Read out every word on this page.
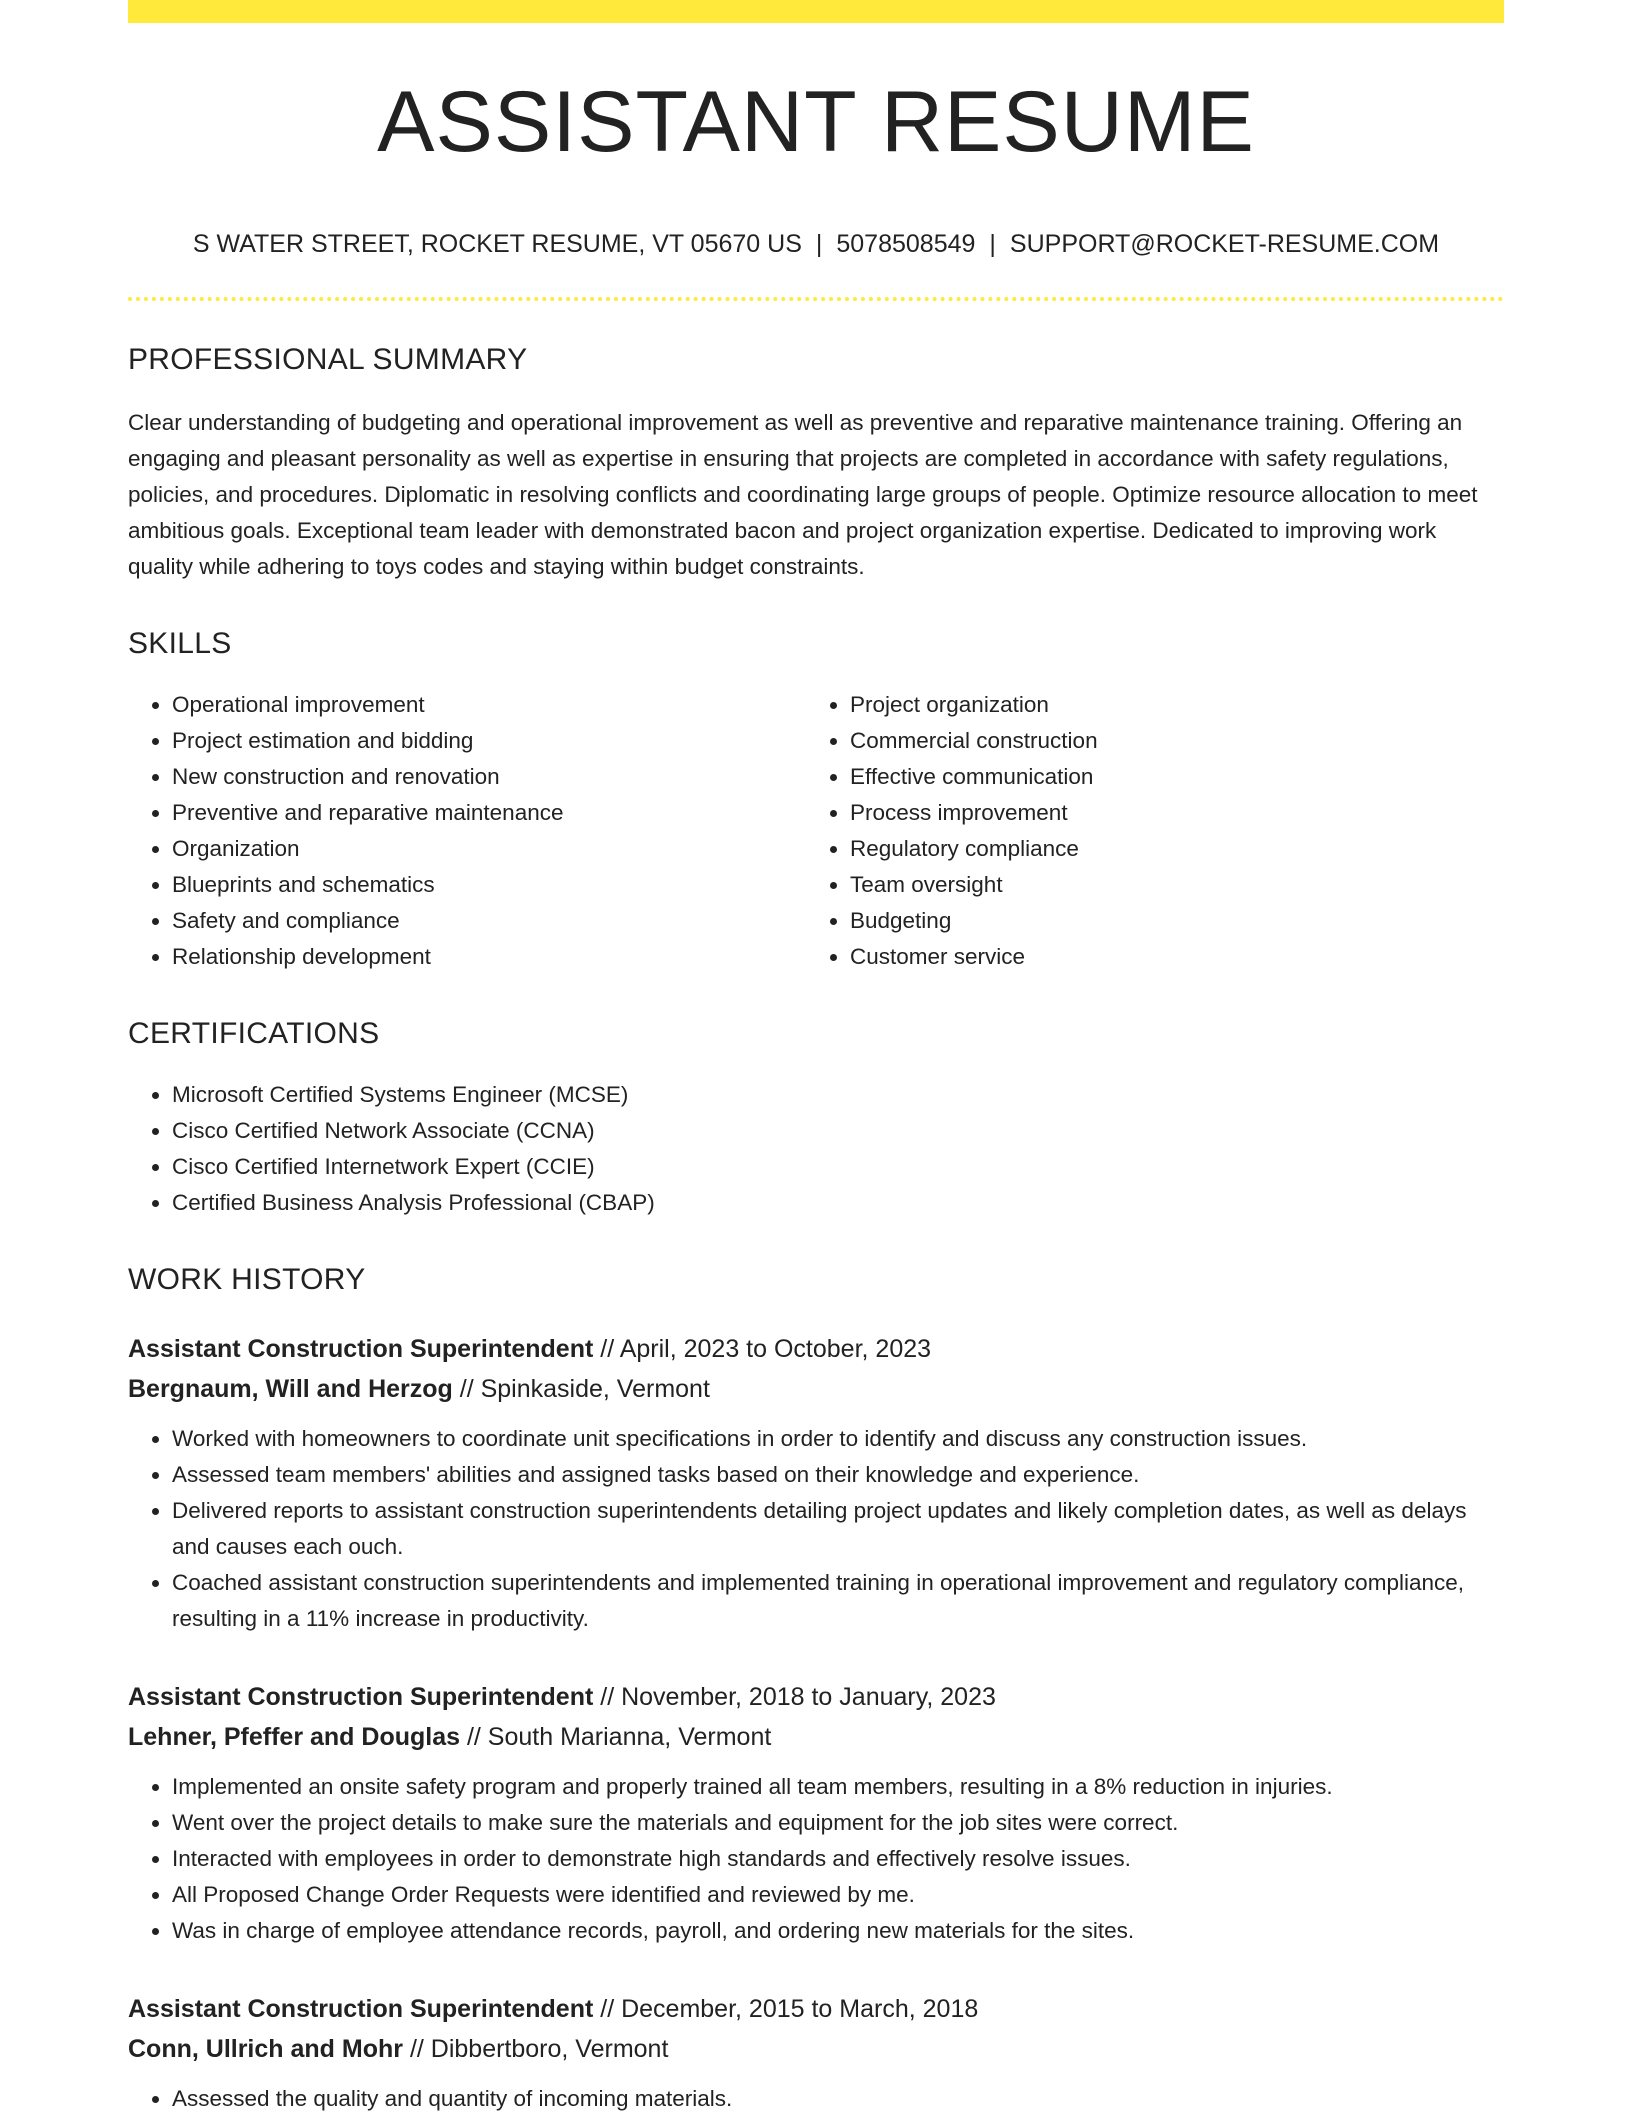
ASSISTANT RESUME
S WATER STREET, ROCKET RESUME, VT 05670 US | 5078508549 | SUPPORT@ROCKET-RESUME.COM
PROFESSIONAL SUMMARY

Clear understanding of budgeting and operational improvement as well as preventive and reparative maintenance training. Offering an engaging and pleasant personality as well as expertise in ensuring that projects are completed in accordance with safety regulations, policies, and procedures. Diplomatic in resolving conflicts and coordinating large groups of people. Optimize resource allocation to meet ambitious goals. Exceptional team leader with demonstrated bacon and project organization expertise. Dedicated to improving work quality while adhering to toys codes and staying within budget constraints.

SKILLS
• Operational improvement
• Project estimation and bidding
• New construction and renovation
• Preventive and reparative maintenance
• Organization
• Blueprints and schematics
• Safety and compliance
• Relationship development
• Project organization
• Commercial construction
• Effective communication
• Process improvement
• Regulatory compliance
• Team oversight
• Budgeting
• Customer service
CERTIFICATIONS
• Microsoft Certified Systems Engineer (MCSE)
• Cisco Certified Network Associate (CCNA)
• Cisco Certified Internetwork Expert (CCIE)
• Certified Business Analysis Professional (CBAP)
WORK HISTORY
Assistant Construction Superintendent // April, 2023 to October, 2023
Bergnaum, Will and Herzog // Spinkaside, Vermont
• Worked with homeowners to coordinate unit specifications in order to identify and discuss any construction issues.
• Assessed team members' abilities and assigned tasks based on their knowledge and experience.
• Delivered reports to assistant construction superintendents detailing project updates and likely completion dates, as well as delays and causes each ouch.
• Coached assistant construction superintendents and implemented training in operational improvement and regulatory compliance, resulting in a 11% increase in productivity.
Assistant Construction Superintendent // November, 2018 to January, 2023
Lehner, Pfeffer and Douglas // South Marianna, Vermont
• Implemented an onsite safety program and properly trained all team members, resulting in a 8% reduction in injuries.
• Went over the project details to make sure the materials and equipment for the job sites were correct.
• Interacted with employees in order to demonstrate high standards and effectively resolve issues.
• All Proposed Change Order Requests were identified and reviewed by me.
• Was in charge of employee attendance records, payroll, and ordering new materials for the sites.
Assistant Construction Superintendent // December, 2015 to March, 2018
Conn, Ullrich and Mohr // Dibbertboro, Vermont
• Assessed the quality and quantity of incoming materials.
